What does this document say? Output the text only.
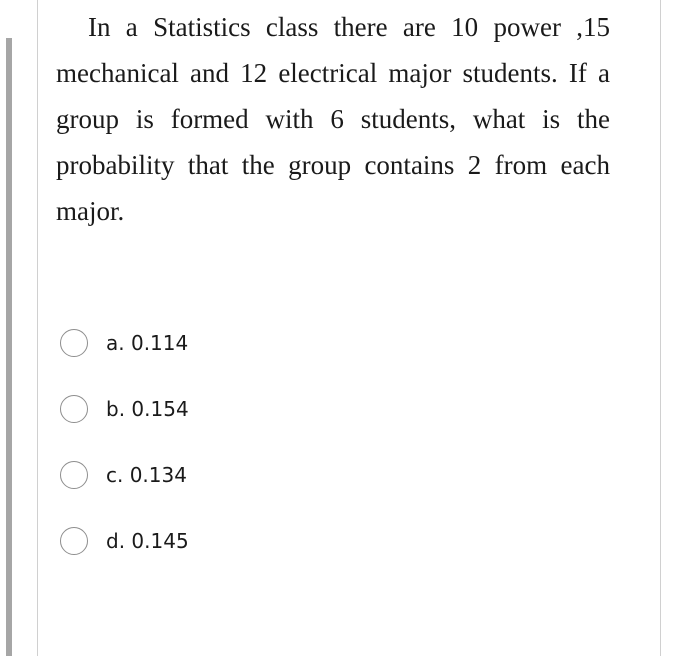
In a Statistics class there are 10 power ,15 mechanical and 12 electrical major students. If a group is formed with 6 students, what is the probability that the group contains 2 from each major.

a. 0.114
b. 0.154
c. 0.134
d. 0.145
